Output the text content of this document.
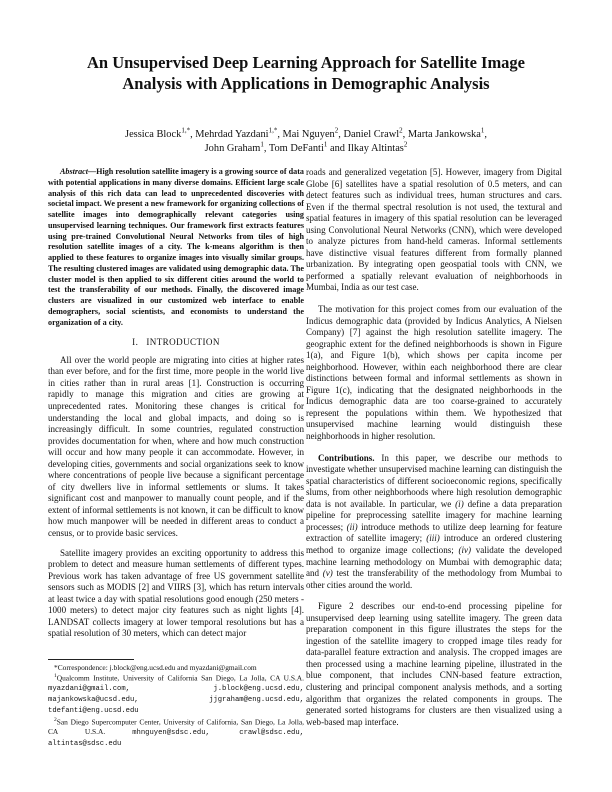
An Unsupervised Deep Learning Approach for Satellite Image Analysis with Applications in Demographic Analysis
Jessica Block$^{1,*}$, Mehrdad Yazdani$^{1,*}$, Mai Nguyen$^2$, Daniel Crawl$^2$, Marta Jankowska$^1$,
John Graham$^1$, Tom DeFanti$^1$ and Ilkay Altintas$^2$

Abstract—High resolution satellite imagery is a growing source of data with potential applications in many diverse domains. Efficient large scale analysis of this rich data can lead to unprecedented discoveries with societal impact. We present a new framework for organizing collections of satellite images into demographically relevant categories using unsupervised learning techniques. Our framework first extracts features using pre-trained Convolutional Neural Networks from tiles of high resolution satellite images of a city. The k-means algorithm is then applied to these features to organize images into visually similar groups. The resulting clustered images are validated using demographic data. The cluster model is then applied to six different cities around the world to test the transferability of our methods. Finally, the discovered image clusters are visualized in our customized web interface to enable demographers, social scientists, and economists to understand the organization of a city.

I. INTRODUCTION

All over the world people are migrating into cities at higher rates than ever before, and for the first time, more people in the world live in cities rather than in rural areas [1]. Construction is occurring rapidly to manage this migration and cities are growing at unprecedented rates. Monitoring these changes is critical for understanding the local and global impacts, and doing so is increasingly difficult. In some countries, regulated construction provides documentation for when, where and how much construction will occur and how many people it can accommodate. However, in developing cities, governments and social organizations seek to know where concentrations of people live because a significant percentage of city dwellers live in informal settlements or slums. It takes significant cost and manpower to manually count people, and if the extent of informal settlements is not known, it can be difficult to know how much manpower will be needed in different areas to conduct a census, or to provide basic services.

Satellite imagery provides an exciting opportunity to address this problem to detect and measure human settlements of different types. Previous work has taken advantage of free US government satellite sensors such as MODIS [2] and VIIRS [3], which has return intervals at least twice a day with spatial resolutions good enough (250 meters - 1000 meters) to detect major city features such as night lights [4]. LANDSAT collects imagery at lower temporal resolutions but has a spatial resolution of 30 meters, which can detect major

*Correspondence: j.block@eng.ucsd.edu and myazdani@gmail.com
$^1$Qualcomm Institute, University of California San Diego, La Jolla, CA U.S.A. myazdani@gmail.com, j.block@eng.ucsd.edu, majankowska@ucsd.edu, jjgraham@eng.ucsd.edu, tdefanti@eng.ucsd.edu
$^2$San Diego Supercomputer Center, University of California, San Diego, La Jolla, CA U.S.A.	mhnguyen@sdsc.edu, crawl@sdsc.edu, altintas@sdsc.edu

roads and generalized vegetation [5]. However, imagery from Digital Globe [6] satellites have a spatial resolution of 0.5 meters, and can detect features such as individual trees, human structures and cars. Even if the thermal spectral resolution is not used, the textural and spatial features in imagery of this spatial resolution can be leveraged using Convolutional Neural Networks (CNN), which were developed to analyze pictures from hand-held cameras. Informal settlements have distinctive visual features different from formally planned urbanization. By integrating open geospatial tools with CNN, we performed a spatially relevant evaluation of neighborhoods in Mumbai, India as our test case.

The motivation for this project comes from our evaluation of the Indicus demographic data (provided by Indicus Analytics, A Nielsen Company) [7] against the high resolution satellite imagery. The geographic extent for the defined neighborhoods is shown in Figure 1(a), and Figure 1(b), which shows per capita income per neighborhood. However, within each neighborhood there are clear distinctions between formal and informal settlements as shown in Figure 1(c), indicating that the designated neighborhoods in the Indicus demographic data are too coarse-grained to accurately represent the populations within them. We hypothesized that unsupervised machine learning would distinguish these neighborhoods in higher resolution.

Contributions. In this paper, we describe our methods to investigate whether unsupervised machine learning can distinguish the spatial characteristics of different socioeconomic regions, specifically slums, from other neighborhoods where high resolution demographic data is not available. In particular, we (i) define a data preparation pipeline for preprocessing satellite imagery for machine learning processes; (ii) introduce methods to utilize deep learning for feature extraction of satellite imagery; (iii) introduce an ordered clustering method to organize image collections; (iv) validate the developed machine learning methodology on Mumbai with demographic data; and (v) test the transferability of the methodology from Mumbai to other cities around the world.

Figure 2 describes our end-to-end processing pipeline for unsupervised deep learning using satellite imagery. The green data preparation component in this figure illustrates the steps for the ingestion of the satellite imagery to cropped image tiles ready for data-parallel feature extraction and analysis. The cropped images are then processed using a machine learning pipeline, illustrated in the blue component, that includes CNN-based feature extraction, clustering and principal component analysis methods, and a sorting algorithm that organizes the related components in groups. The generated sorted histograms for clusters are then visualized using a web-based map interface.
